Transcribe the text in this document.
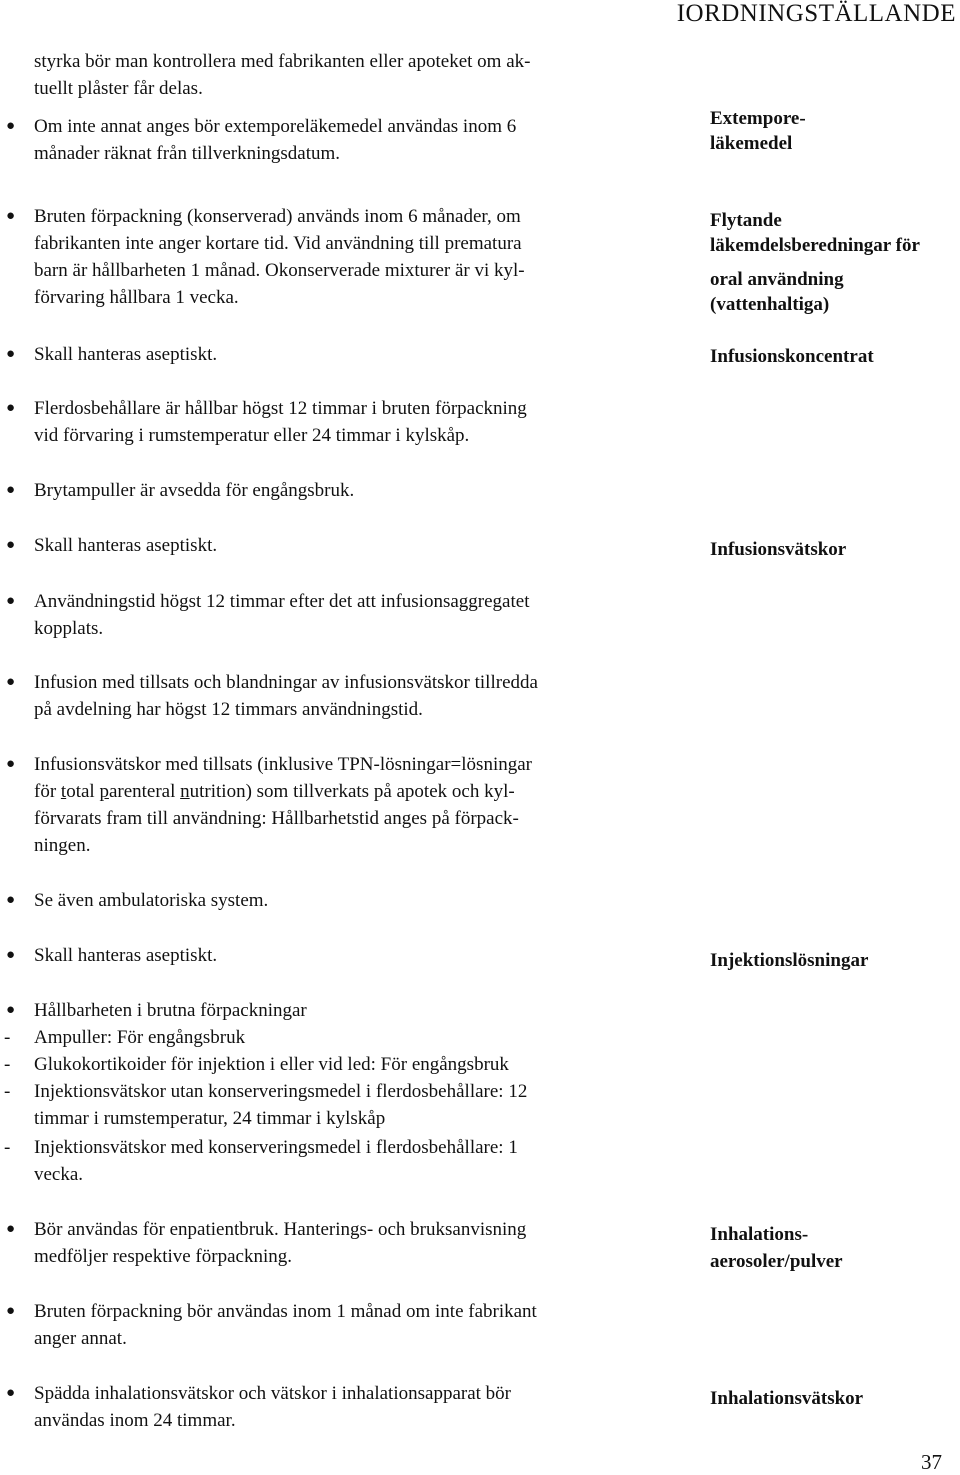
IORDNINGSTÄLLANDE
styrka bör man kontrollera med fabrikanten eller apoteket om ak-
tuellt plåster får delas.
● Om inte annat anges bör extemporeläkemedel användas inom 6
månader räknat från tillverkningsdatum.
Extempore-
läkemedel
● Bruten förpackning (konserverad) används inom 6 månader, om
fabrikanten inte anger kortare tid. Vid användning till prematura
barn är hållbarheten 1 månad. Okonserverade mixturer är vi kyl-
förvaring hållbara 1 vecka.
Flytande
läkemdelsberedningar för
oral användning
(vattenhaltiga)
● Skall hanteras aseptiskt.	Infusionskoncentrat
● Flerdosbehållare är hållbar högst 12 timmar i bruten förpackning
vid förvaring i rumstemperatur eller 24 timmar i kylskåp.
● Brytampuller är avsedda för engångsbruk.
● Skall hanteras aseptiskt.	Infusionsvätskor
● Användningstid högst 12 timmar efter det att infusionsaggregatet
kopplats.
● Infusion med tillsats och blandningar av infusionsvätskor tillredda
på avdelning har högst 12 timmars användningstid.
● Infusionsvätskor med tillsats (inklusive TPN-lösningar=lösningar
för total parenteral nutrition) som tillverkats på apotek och kyl-
förvarats fram till användning: Hållbarhetstid anges på förpack-
ningen.
● Se även ambulatoriska system.
● Skall hanteras aseptiskt.	Injektionslösningar
● Hållbarheten i brutna förpackningar
- Ampuller: För engångsbruk
- Glukokortikoider för injektion i eller vid led: För engångsbruk
- Injektionsvätskor utan konserveringsmedel i flerdosbehållare: 12
timmar i rumstemperatur, 24 timmar i kylskåp
- Injektionsvätskor med konserveringsmedel i flerdosbehållare: 1
vecka.
● Bör användas för enpatientbruk. Hanterings- och bruksanvisning
medföljer respektive förpackning.
Inhalations-
aerosoler/pulver
● Bruten förpackning bör användas inom 1 månad om inte fabrikant
anger annat.
● Spädda inhalationsvätskor och vätskor i inhalationsapparat bör
användas inom 24 timmar.
Inhalationsvätskor
37
